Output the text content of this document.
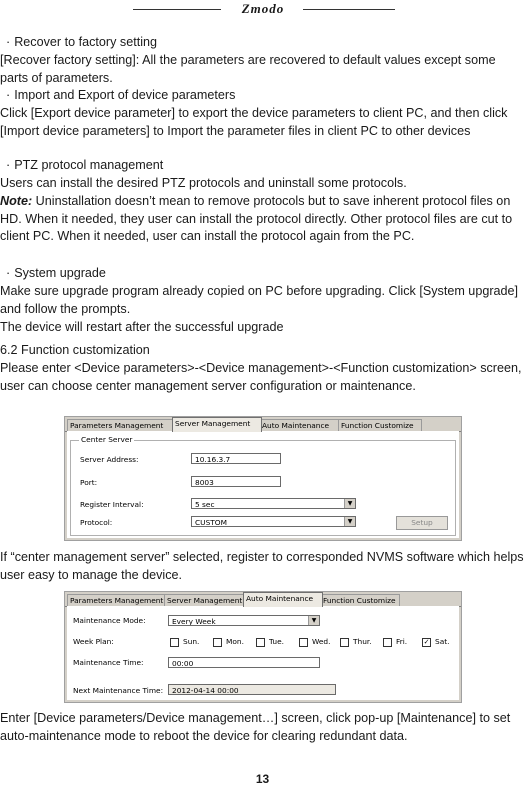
Zmodo

· Recover to factory setting

[Recover factory setting]: All the parameters are recovered to default values except some parts of parameters.

· Import and Export of device parameters

Click [Export device parameter] to export the device parameters to client PC, and then click [Import device parameters] to Import the parameter files in client PC to other devices

· PTZ protocol management

Users can install the desired PTZ protocols and uninstall some protocols.

Note: Uninstallation doesn’t mean to remove protocols but to save inherent protocol files on HD. When it needed, they user can install the protocol directly. Other protocol files are cut to client PC. When it needed, user can install the protocol again from the PC.

· System upgrade

Make sure upgrade program already copied on PC before upgrading. Click [System upgrade] and follow the prompts.

The device will restart after the successful upgrade

6.2 Function customization

Please enter <Device parameters>-<Device management>-<Function customization> screen, user can choose center management server configuration or maintenance.

Parameters Management	Server Management	Auto Maintenance	Function Customize
Center Server
Server Address:	10.16.3.7
Port:	8003
Register Interval:	5 sec	▼
Protocol:	CUSTOM	▼	Setup

If “center management server” selected, register to corresponded NVMS software which helps user easy to manage the device.

Parameters Management Server Management Auto Maintenance	Function Customize
Maintenance Mode:	Every Week	▼
Week Plan:	Sun.	Mon.	Tue.	Wed.	Thur.	Fri. ✓ Sat.
Maintenance Time:	00:00
Next Maintenance Time:	2012-04-14 00:00

Enter [Device parameters/Device management…] screen, click pop-up [Maintenance] to set auto-maintenance mode to reboot the device for clearing redundant data.

13
